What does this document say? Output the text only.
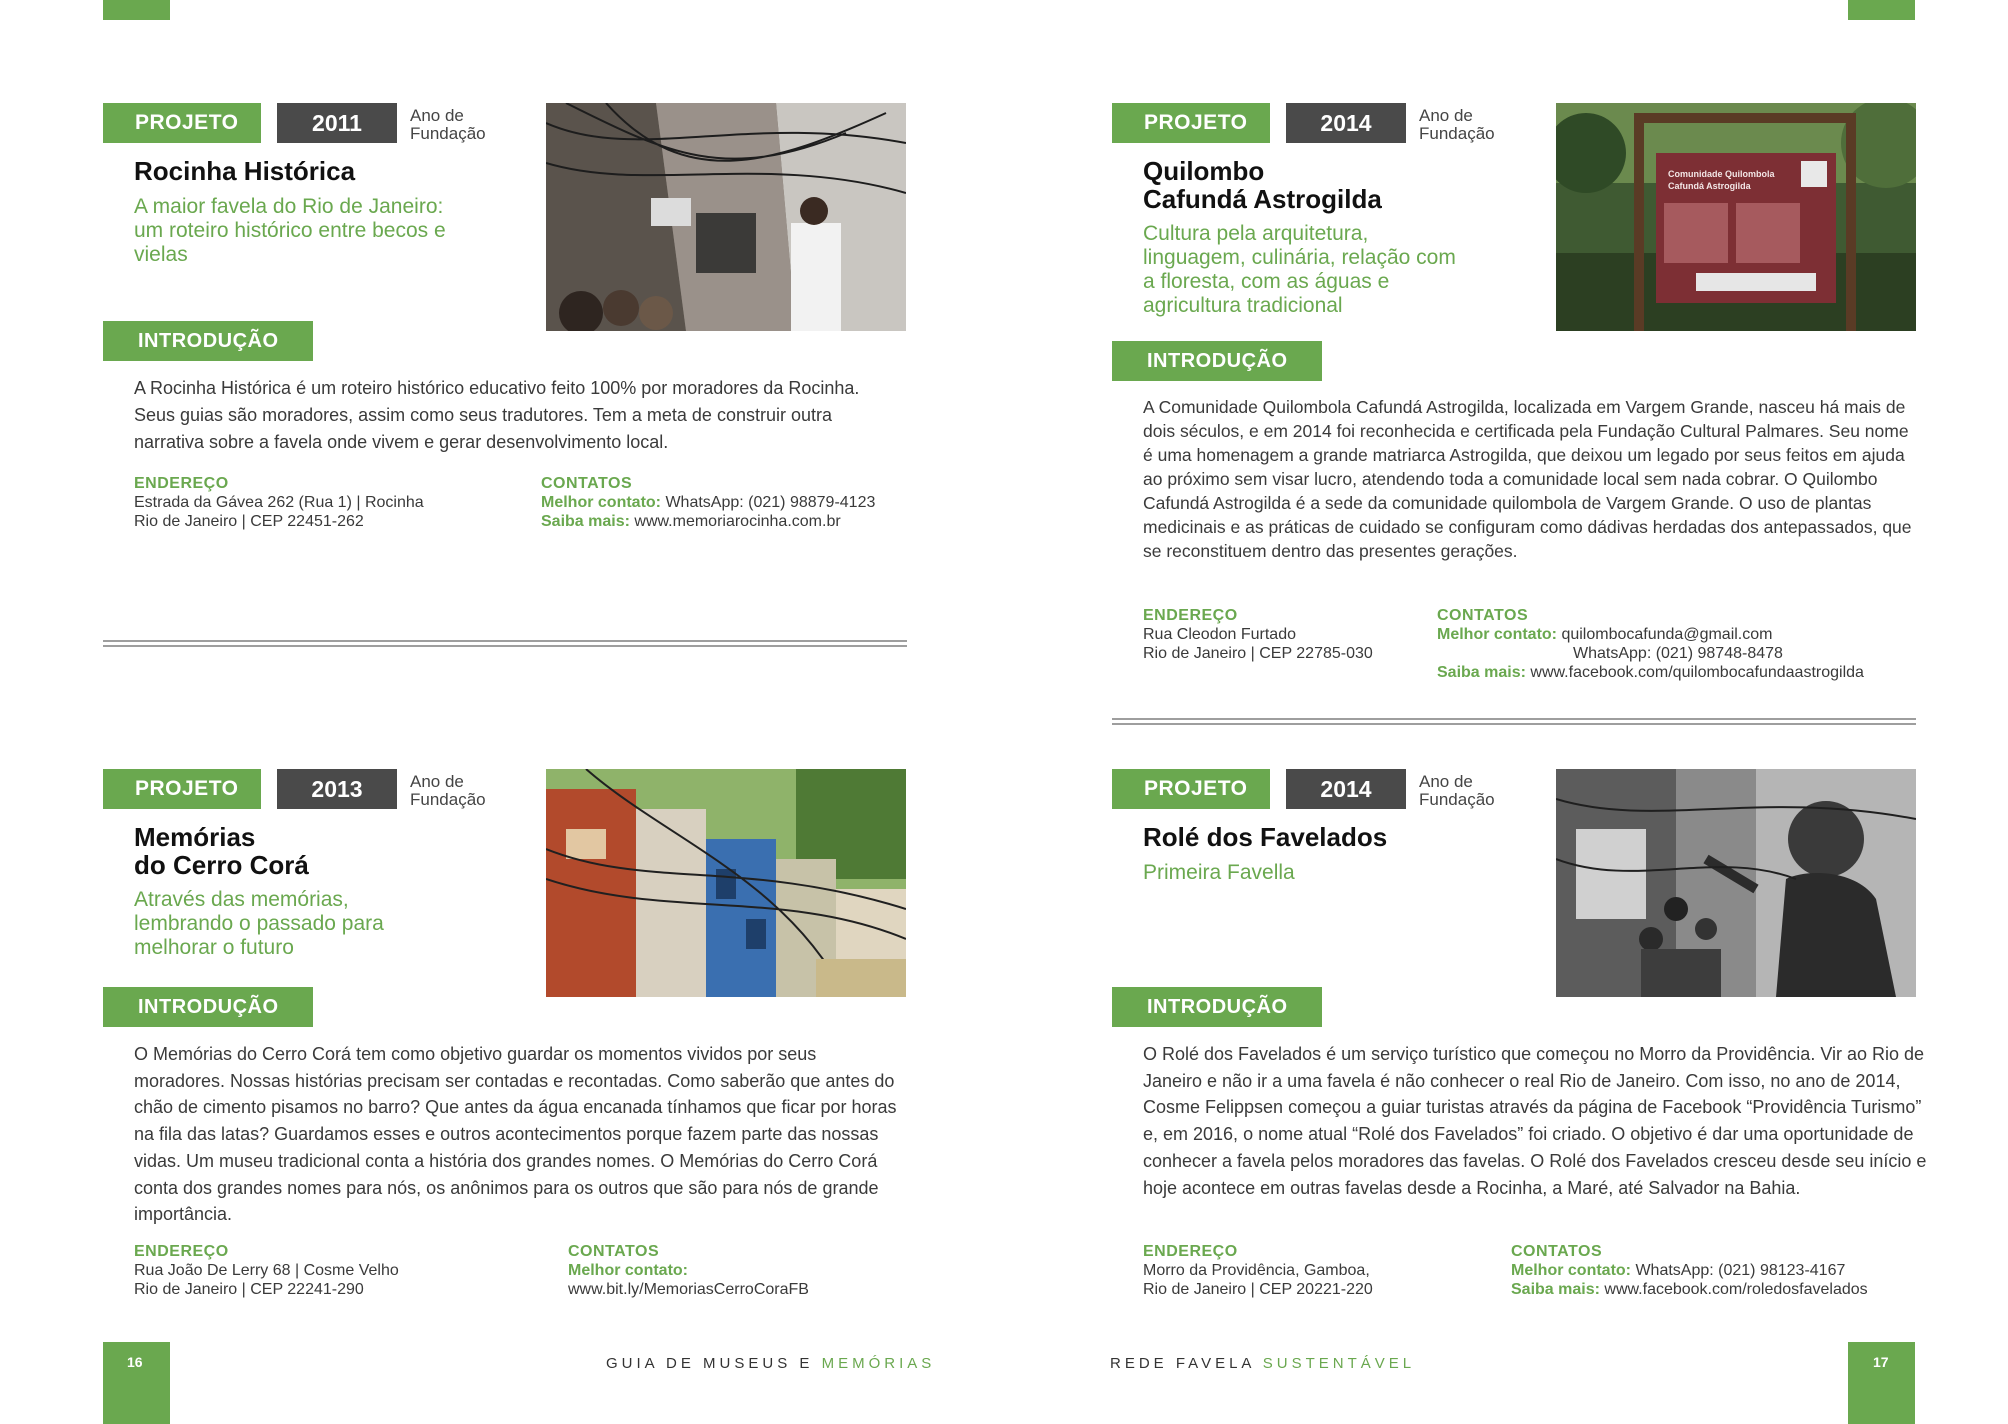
PROJETO	2011	Ano de Fundação
Rocinha Histórica

A maior favela do Rio de Janeiro: um roteiro histórico entre becos e vielas

INTRODUÇÃO

A Rocinha Histórica é um roteiro histórico educativo feito 100% por moradores da Rocinha. Seus guias são moradores, assim como seus tradutores. Tem a meta de construir outra narrativa sobre a favela onde vivem e gerar desenvolvimento local.

ENDEREÇO
Estrada da Gávea 262 (Rua 1) | Rocinha
Rio de Janeiro | CEP 22451-262
CONTATOS
Melhor contato: WhatsApp: (021) 98879-4123
Saiba mais: www.memoriarocinha.com.br
PROJETO	2014	Ano de Fundação
Quilombo
Cafundá Astrogilda

Cultura pela arquitetura, linguagem, culinária, relação com a floresta, com as águas e agricultura tradicional

Comunidade Quilombola
Cafundá Astrogilda
INTRODUÇÃO

A Comunidade Quilombola Cafundá Astrogilda, localizada em Vargem Grande, nasceu há mais de dois séculos, e em 2014 foi reconhecida e certificada pela Fundação Cultural Palmares. Seu nome é uma homenagem a grande matriarca Astrogilda, que deixou um legado por seus feitos em ajuda ao próximo sem visar lucro, atendendo toda a comunidade local sem nada cobrar. O Quilombo Cafundá Astrogilda é a sede da comunidade quilombola de Vargem Grande. O uso de plantas medicinais e as práticas de cuidado se configuram como dádivas herdadas dos antepassados, que se reconstituem dentro das presentes gerações.

ENDEREÇO
Rua Cleodon Furtado
Rio de Janeiro | CEP 22785-030
CONTATOS
Melhor contato: quilombocafunda@gmail.com
WhatsApp: (021) 98748-8478
Saiba mais: www.facebook.com/quilombocafundaastrogilda
PROJETO	2013	Ano de Fundação
Memórias
do Cerro Corá

Através das memórias, lembrando o passado para melhorar o futuro

INTRODUÇÃO

O Memórias do Cerro Corá tem como objetivo guardar os momentos vividos por seus moradores. Nossas histórias precisam ser contadas e recontadas. Como saberão que antes do chão de cimento pisamos no barro? Que antes da água encanada tínhamos que ficar por horas na fila das latas? Guardamos esses e outros acontecimentos porque fazem parte das nossas vidas. Um museu tradicional conta a história dos grandes nomes. O Memórias do Cerro Corá conta dos grandes nomes para nós, os anônimos para os outros que são para nós de grande importância.

ENDEREÇO
Rua João De Lerry 68 | Cosme Velho
Rio de Janeiro | CEP 22241-290
CONTATOS
Melhor contato:
www.bit.ly/MemoriasCerroCoraFB
PROJETO	2014	Ano de Fundação
Rolé dos Favelados

Primeira Favella

INTRODUÇÃO

O Rolé dos Favelados é um serviço turístico que começou no Morro da Providência. Vir ao Rio de Janeiro e não ir a uma favela é não conhecer o real Rio de Janeiro. Com isso, no ano de 2014, Cosme Felippsen começou a guiar turistas através da página de Facebook “Providência Turismo” e, em 2016, o nome atual “Rolé dos Favelados” foi criado. O objetivo é dar uma oportunidade de conhecer a favela pelos moradores das favelas. O Rolé dos Favelados cresceu desde seu início e hoje acontece em outras favelas desde a Rocinha, a Maré, até Salvador na Bahia.

ENDEREÇO
Morro da Providência, Gamboa,
Rio de Janeiro | CEP 20221-220
CONTATOS
Melhor contato: WhatsApp: (021) 98123-4167
Saiba mais: www.facebook.com/roledosfavelados
16	GUIA DE MUSEUS E MEMÓRIAS	REDE FAVELA SUSTENTÁVEL	17
